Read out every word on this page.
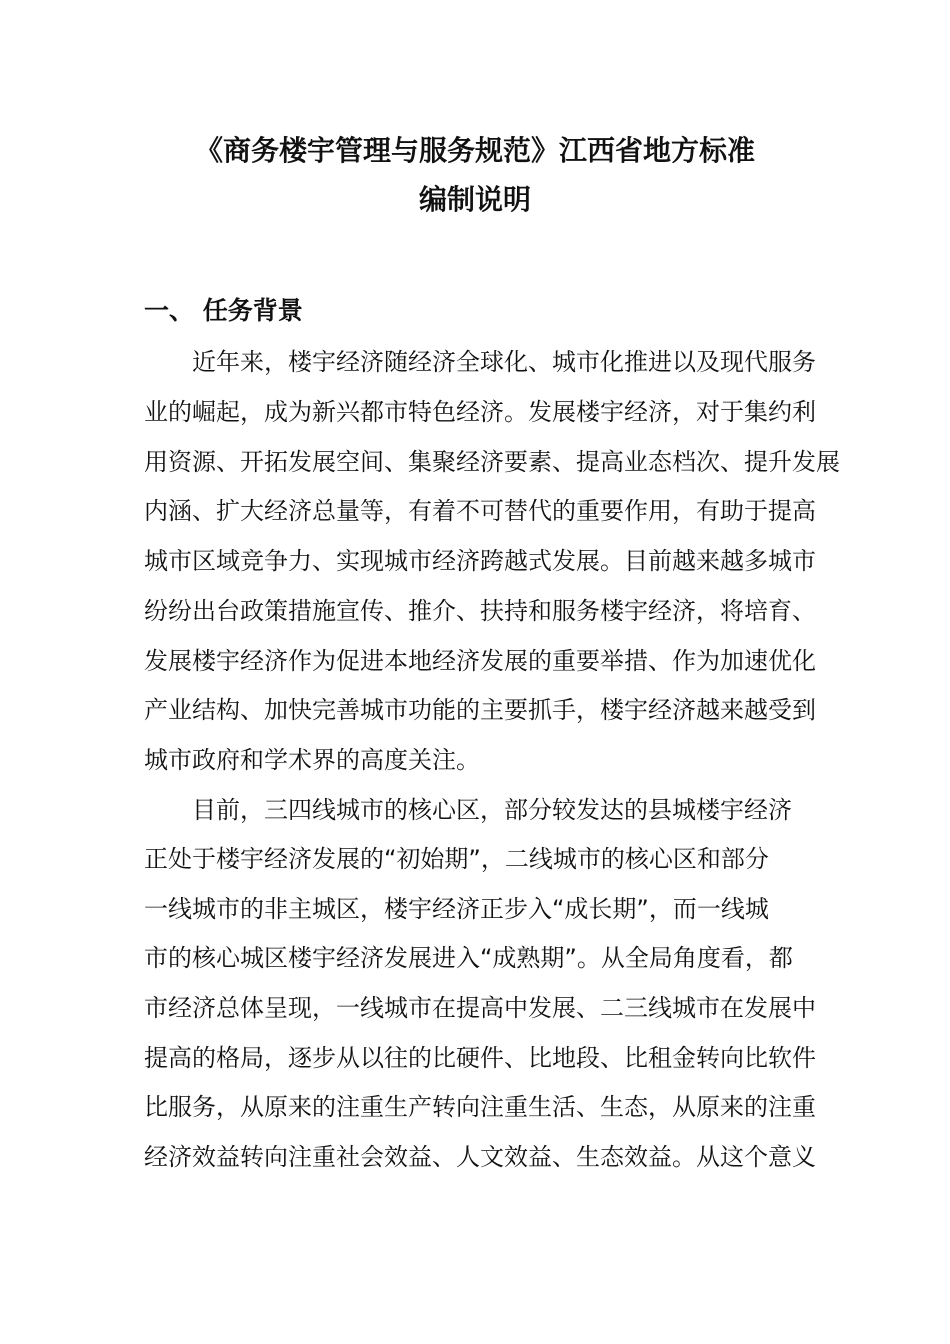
《商务楼宇管理与服务规范》江西省地方标准
编制说明
一、 任务背景

　　近年来，楼宇经济随经济全球化、城市化推进以及现代服务

业的崛起，成为新兴都市特色经济。发展楼宇经济，对于集约利

用资源、开拓发展空间、集聚经济要素、提高业态档次、提升发展

内涵、扩大经济总量等，有着不可替代的重要作用，有助于提高

城市区域竞争力、实现城市经济跨越式发展。目前越来越多城市

纷纷出台政策措施宣传、推介、扶持和服务楼宇经济，将培育、

发展楼宇经济作为促进本地经济发展的重要举措、作为加速优化

产业结构、加快完善城市功能的主要抓手，楼宇经济越来越受到

城市政府和学术界的高度关注。

　　目前，三四线城市的核心区，部分较发达的县城楼宇经济

正处于楼宇经济发展的“初始期”，二线城市的核心区和部分

一线城市的非主城区，楼宇经济正步入“成长期”，而一线城

市的核心城区楼宇经济发展进入“成熟期”。从全局角度看，都

市经济总体呈现，一线城市在提高中发展、二三线城市在发展中

提高的格局，逐步从以往的比硬件、比地段、比租金转向比软件

比服务，从原来的注重生产转向注重生活、生态，从原来的注重

经济效益转向注重社会效益、人文效益、生态效益。从这个意义
